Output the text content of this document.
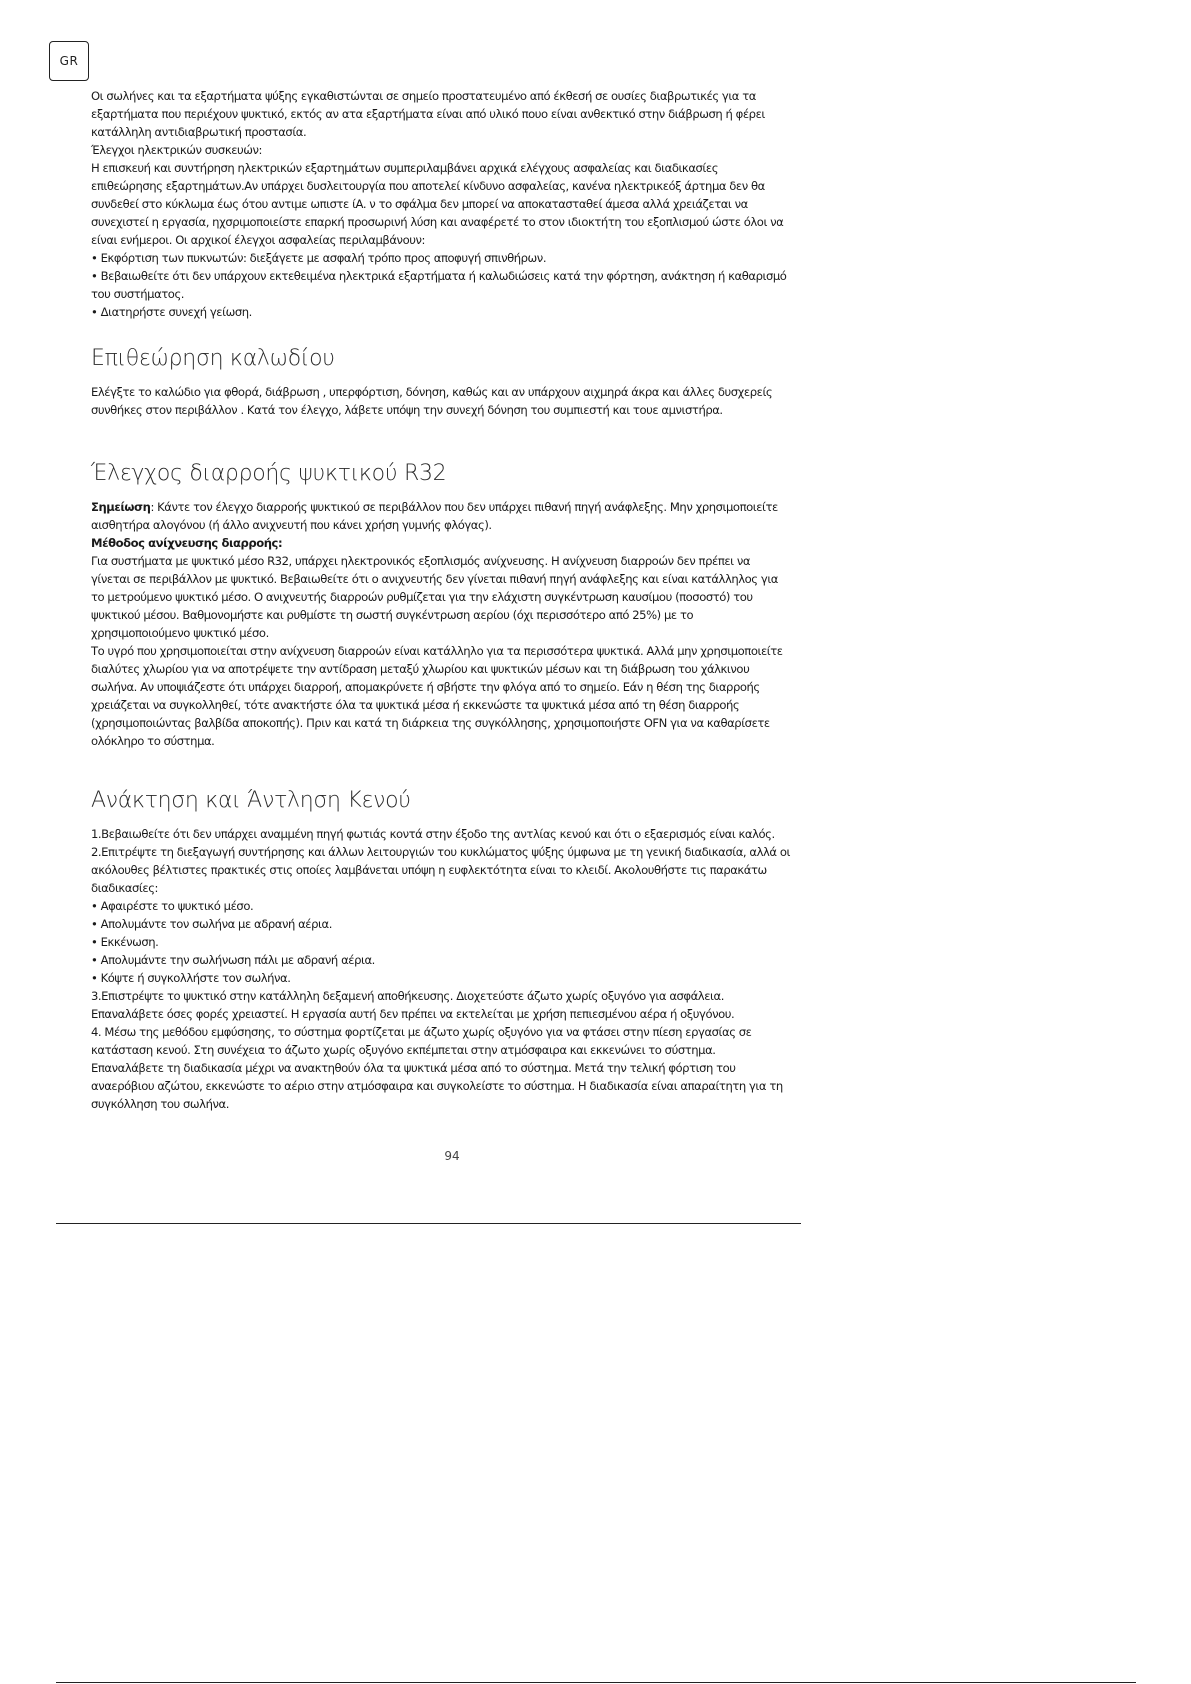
GR

Οι σωλήνες και τα εξαρτήματα ψύξης εγκαθιστώνται σε σημείο προστατευμένο από έκθεσή σε ουσίες διαβρωτικές για τα εξαρτήματα που περιέχουν ψυκτικό, εκτός αν ατα εξαρτήματα είναι από υλικό πουο είναι ανθεκτικό στην διάβρωση ή φέρει κατάλληλη αντιδιαβρωτική προστασία.

Έλεγχοι ηλεκτρικών συσκευών:

Η επισκευή και συντήρηση ηλεκτρικών εξαρτημάτων συμπεριλαμβάνει αρχικά ελέγχους ασφαλείας και διαδικασίες επιθεώρησης εξαρτημάτων.Αν υπάρχει δυσλειτουργία που αποτελεί κίνδυνο ασφαλείας, κανένα ηλεκτρικεόξ άρτημα δεν θα συνδεθεί στο κύκλωμα έως ότου αντιμε ωπιστε ίA. ν το σφάλμα δεν μπορεί να αποκατασταθεί άμεσα αλλά χρειάζεται να συνεχιστεί η εργασία, ηχσριμοποιείστε επαρκή προσωρινή λύση και αναφέρετέ το στον ιδιοκτήτη του εξοπλισμού ώστε όλοι να είναι ενήμεροι. Οι αρχικοί έλεγχοι ασφαλείας περιλαμβάνουν:

• Εκφόρτιση των πυκνωτών: διεξάγετε με ασφαλή τρόπο προς αποφυγή σπινθήρων.

• Βεβαιωθείτε ότι δεν υπάρχουν εκτεθειμένα ηλεκτρικά εξαρτήματα ή καλωδιώσεις κατά την φόρτηση, ανάκτηση ή καθαρισμό του συστήματος.

• Διατηρήστε συνεχή γείωση.

Επιθεώρηση καλωδίου

Ελέγξτε το καλώδιο για φθορά, διάβρωση , υπερφόρτιση, δόνηση, καθώς και αν υπάρχουν αιχμηρά άκρα και άλλες δυσχερείς συνθήκες στον περιβάλλον . Κατά τον έλεγχο, λάβετε υπόψη την συνεχή δόνηση του συμπιεστή και τουε αμνιστήρα.

Έλεγχος διαρροής ψυκτικού R32

Σημείωση: Κάντε τον έλεγχο διαρροής ψυκτικού σε περιβάλλον που δεν υπάρχει πιθανή πηγή ανάφλεξης. Μην χρησιμοποιείτε αισθητήρα αλογόνου (ή άλλο ανιχνευτή που κάνει χρήση γυμνής φλόγας).

Μέθοδος ανίχνευσης διαρροής:

Για συστήματα με ψυκτικό μέσο R32, υπάρχει ηλεκτρονικός εξοπλισμός ανίχνευσης. Η ανίχνευση διαρροών δεν πρέπει να γίνεται σε περιβάλλον με ψυκτικό. Βεβαιωθείτε ότι ο ανιχνευτής δεν γίνεται πιθανή πηγή ανάφλεξης και είναι κατάλληλος για το μετρούμενο ψυκτικό μέσο. Ο ανιχνευτής διαρροών ρυθμίζεται για την ελάχιστη συγκέντρωση καυσίμου (ποσοστό) του ψυκτικού μέσου. Βαθμονομήστε και ρυθμίστε τη σωστή συγκέντρωση αερίου (όχι περισσότερο από 25%) με το χρησιμοποιούμενο ψυκτικό μέσο.

Το υγρό που χρησιμοποιείται στην ανίχνευση διαρροών είναι κατάλληλο για τα περισσότερα ψυκτικά. Αλλά μην χρησιμοποιείτε διαλύτες χλωρίου για να αποτρέψετε την αντίδραση μεταξύ χλωρίου και ψυκτικών μέσων και τη διάβρωση του χάλκινου σωλήνα. Αν υποψιάζεστε ότι υπάρχει διαρροή, απομακρύνετε ή σβήστε την φλόγα από το σημείο. Εάν η θέση της διαρροής χρειάζεται να συγκολληθεί, τότε ανακτήστε όλα τα ψυκτικά μέσα ή εκκενώστε τα ψυκτικά μέσα από τη θέση διαρροής (χρησιμοποιώντας βαλβίδα αποκοπής). Πριν και κατά τη διάρκεια της συγκόλλησης, χρησιμοποιήστε OFN για να καθαρίσετε ολόκληρο το σύστημα.

Ανάκτηση και Άντληση Κενού

1.Βεβαιωθείτε ότι δεν υπάρχει αναμμένη πηγή φωτιάς κοντά στην έξοδο της αντλίας κενού και ότι ο εξαερισμός είναι καλός.

2.Επιτρέψτε τη διεξαγωγή συντήρησης και άλλων λειτουργιών του κυκλώματος ψύξης ύμφωνα με τη γενική διαδικασία, αλλά οι ακόλουθες βέλτιστες πρακτικές στις οποίες λαμβάνεται υπόψη η ευφλεκτότητα είναι το κλειδί. Ακολουθήστε τις παρακάτω διαδικασίες:

• Αφαιρέστε το ψυκτικό μέσο.

• Απολυμάντε τον σωλήνα με αδρανή αέρια.

• Εκκένωση.

• Απολυμάντε την σωλήνωση πάλι με αδρανή αέρια.

• Κόψτε ή συγκολλήστε τον σωλήνα.

3.Επιστρέψτε το ψυκτικό στην κατάλληλη δεξαμενή αποθήκευσης. Διοχετεύστε άζωτο χωρίς οξυγόνο για ασφάλεια. Επαναλάβετε όσες φορές χρειαστεί. Η εργασία αυτή δεν πρέπει να εκτελείται με χρήση πεπιεσμένου αέρα ή οξυγόνου.

4. Μέσω της μεθόδου εμφύσησης, το σύστημα φορτίζεται με άζωτο χωρίς οξυγόνο για να φτάσει στην πίεση εργασίας σε κατάσταση κενού. Στη συνέχεια το άζωτο χωρίς οξυγόνο εκπέμπεται στην ατμόσφαιρα και εκκενώνει το σύστημα. Επαναλάβετε τη διαδικασία μέχρι να ανακτηθούν όλα τα ψυκτικά μέσα από το σύστημα. Μετά την τελική φόρτιση του αναερόβιου αζώτου, εκκενώστε το αέριο στην ατμόσφαιρα και συγκολείστε το σύστημα. Η διαδικασία είναι απαραίτητη για τη συγκόλληση του σωλήνα.

94
